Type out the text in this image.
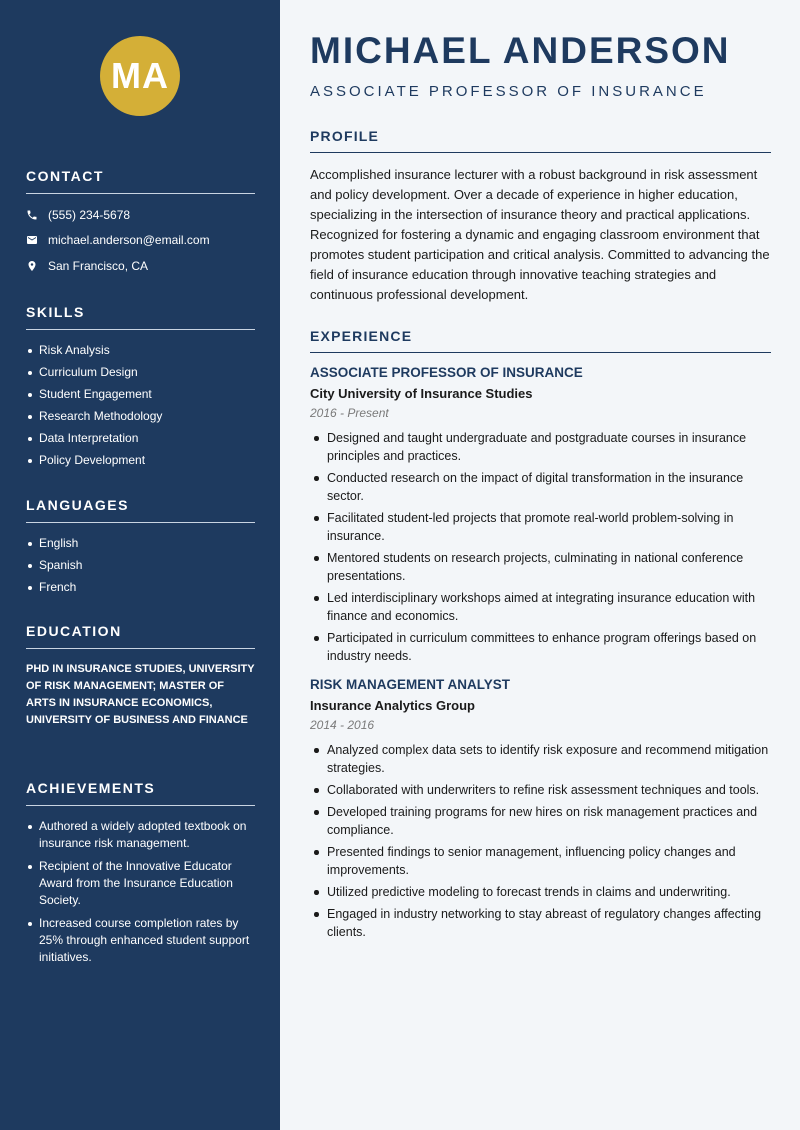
MA
CONTACT
(555) 234-5678
michael.anderson@email.com
San Francisco, CA
SKILLS
Risk Analysis
Curriculum Design
Student Engagement
Research Methodology
Data Interpretation
Policy Development
LANGUAGES
English
Spanish
French
EDUCATION
PHD IN INSURANCE STUDIES, UNIVERSITY OF RISK MANAGEMENT; MASTER OF ARTS IN INSURANCE ECONOMICS, UNIVERSITY OF BUSINESS AND FINANCE
ACHIEVEMENTS
Authored a widely adopted textbook on insurance risk management.
Recipient of the Innovative Educator Award from the Insurance Education Society.
Increased course completion rates by 25% through enhanced student support initiatives.
MICHAEL ANDERSON
ASSOCIATE PROFESSOR OF INSURANCE
PROFILE

Accomplished insurance lecturer with a robust background in risk assessment and policy development. Over a decade of experience in higher education, specializing in the intersection of insurance theory and practical applications. Recognized for fostering a dynamic and engaging classroom environment that promotes student participation and critical analysis. Committed to advancing the field of insurance education through innovative teaching strategies and continuous professional development.

EXPERIENCE
ASSOCIATE PROFESSOR OF INSURANCE
City University of Insurance Studies
2016 - Present
Designed and taught undergraduate and postgraduate courses in insurance principles and practices.
Conducted research on the impact of digital transformation in the insurance sector.
Facilitated student-led projects that promote real-world problem-solving in insurance.
Mentored students on research projects, culminating in national conference presentations.
Led interdisciplinary workshops aimed at integrating insurance education with finance and economics.
Participated in curriculum committees to enhance program offerings based on industry needs.
RISK MANAGEMENT ANALYST
Insurance Analytics Group
2014 - 2016
Analyzed complex data sets to identify risk exposure and recommend mitigation strategies.
Collaborated with underwriters to refine risk assessment techniques and tools.
Developed training programs for new hires on risk management practices and compliance.
Presented findings to senior management, influencing policy changes and improvements.
Utilized predictive modeling to forecast trends in claims and underwriting.
Engaged in industry networking to stay abreast of regulatory changes affecting clients.
